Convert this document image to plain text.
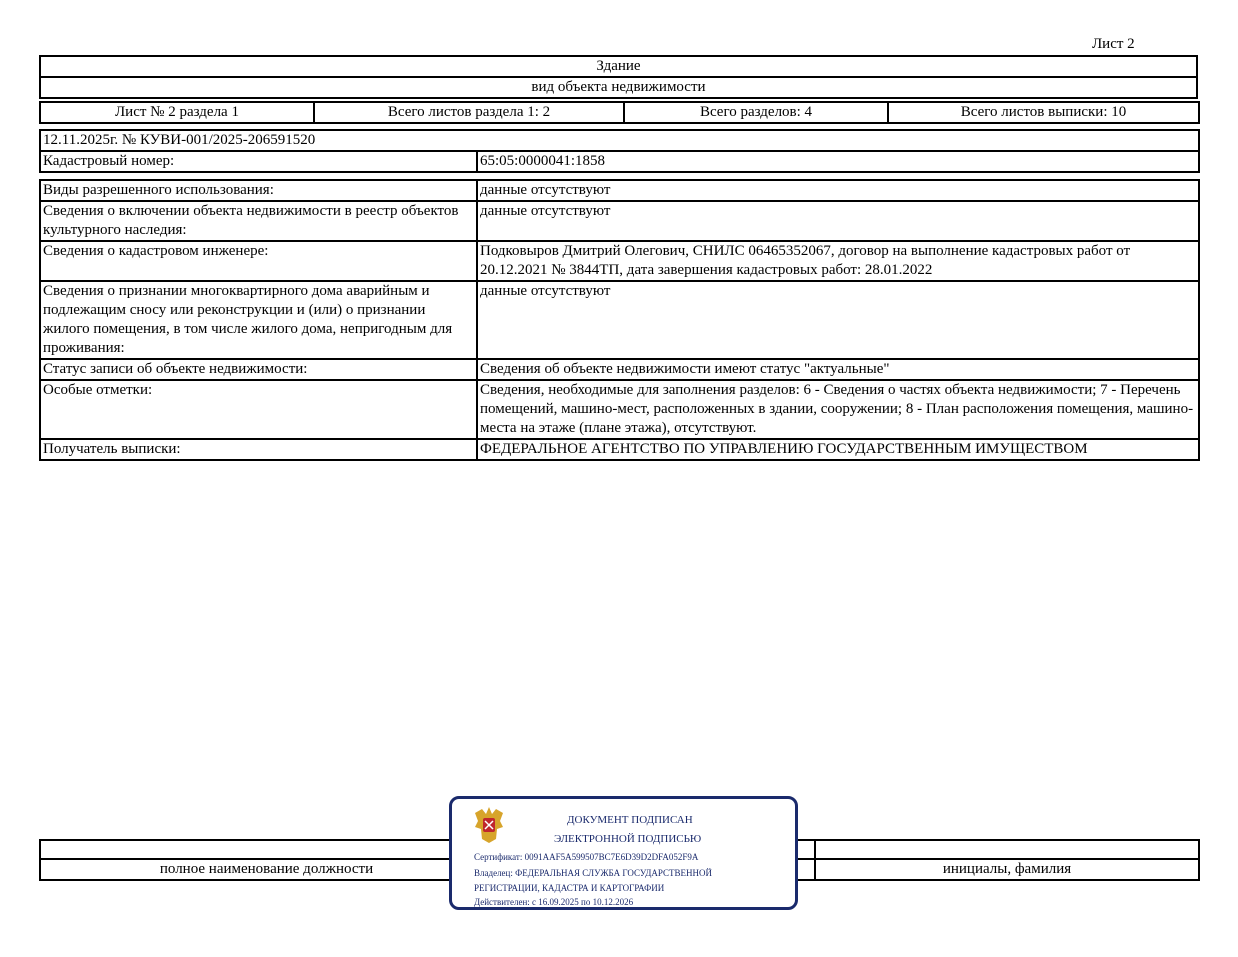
Лист 2
Здание
вид объекта недвижимости
Лист № 2 раздела 1	Всего листов раздела 1: 2	Всего разделов: 4	Всего листов выписки: 10
12.11.2025г. № КУВИ-001/2025-206591520
Кадастровый номер:	65:05:0000041:1858
Виды разрешенного использования:	данные отсутствуют
Сведения о включении объекта недвижимости в реестр объектов культурного наследия:	данные отсутствуют
Сведения о кадастровом инженере:	Подковыров Дмитрий Олегович, СНИЛС 06465352067, договор на выполнение кадастровых работ от 20.12.2021 № 3844ТП, дата завершения кадастровых работ: 28.01.2022
Сведения о признании многоквартирного дома аварийным и подлежащим сносу или реконструкции и (или) о признании жилого помещения, в том числе жилого дома, непригодным для проживания:	данные отсутствуют
Статус записи об объекте недвижимости:	Сведения об объекте недвижимости имеют статус "актуальные"
Особые отметки:	Сведения, необходимые для заполнения разделов: 6 - Сведения о частях объекта недвижимости; 7 - Перечень помещений, машино-мест, расположенных в здании, сооружении; 8 - План расположения помещения, машино-места на этаже (плане этажа), отсутствуют.
Получатель выписки:	ФЕДЕРАЛЬНОЕ АГЕНТСТВО ПО УПРАВЛЕНИЮ ГОСУДАРСТВЕННЫМ ИМУЩЕСТВОМ

полное наименование должности		инициалы, фамилия
ДОКУМЕНТ ПОДПИСАН
ЭЛЕКТРОННОЙ ПОДПИСЬЮ
Сертификат: 0091AAF5A599507BC7E6D39D2DFA052F9A
Владелец: ФЕДЕРАЛЬНАЯ СЛУЖБА ГОСУДАРСТВЕННОЙ
РЕГИСТРАЦИИ, КАДАСТРА И КАРТОГРАФИИ
Действителен: с 16.09.2025 по 10.12.2026
